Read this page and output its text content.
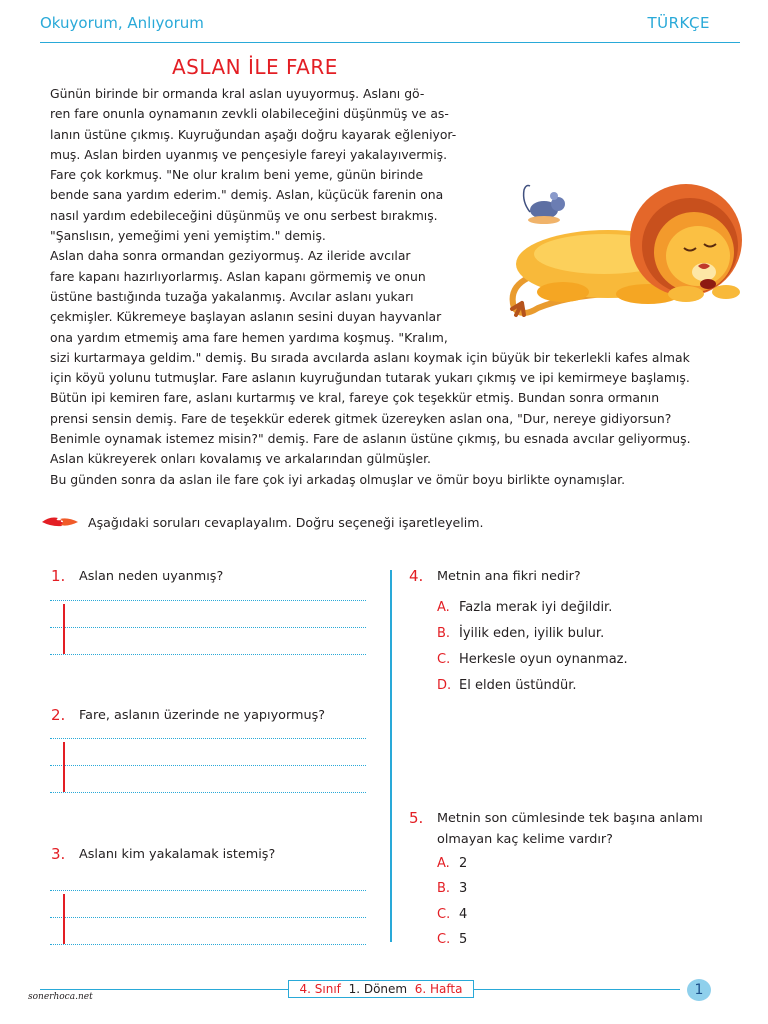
Okuyorum, Anlıyorum	TÜRKÇE
ASLAN İLE FARE
Günün birinde bir ormanda kral aslan uyuyormuş. Aslanı gö-
ren fare onunla oynamanın zevkli olabileceğini düşünmüş ve as-
lanın üstüne çıkmış. Kuyruğundan aşağı doğru kayarak eğleniyor-
muş. Aslan birden uyanmış ve pençesiyle fareyi yakalayıvermiş.
Fare çok korkmuş. "Ne olur kralım beni yeme, günün birinde
bende sana yardım ederim." demiş. Aslan, küçücük farenin ona
nasıl yardım edebileceğini düşünmüş ve onu serbest bırakmış.
"Şanslısın, yemeğimi yeni yemiştim." demiş.
Aslan daha sonra ormandan geziyormuş. Az ileride avcılar
fare kapanı hazırlıyorlarmış. Aslan kapanı görmemiş ve onun
üstüne bastığında tuzağa yakalanmış. Avcılar aslanı yukarı
çekmişler. Kükremeye başlayan aslanın sesini duyan hayvanlar
ona yardım etmemiş ama fare hemen yardıma koşmuş. "Kralım,
sizi kurtarmaya geldim." demiş. Bu sırada avcılarda aslanı koymak için büyük bir tekerlekli kafes almak
için köyü yolunu tutmuşlar. Fare aslanın kuyruğundan tutarak yukarı çıkmış ve ipi kemirmeye başlamış.
Bütün ipi kemiren fare, aslanı kurtarmış ve kral, fareye çok teşekkür etmiş. Bundan sonra ormanın
prensi sensin demiş. Fare de teşekkür ederek gitmek üzereyken aslan ona, "Dur, nereye gidiyorsun?
Benimle oynamak istemez misin?" demiş. Fare de aslanın üstüne çıkmış, bu esnada avcılar geliyormuş.
Aslan kükreyerek onları kovalamış ve arkalarından gülmüşler.
Bu günden sonra da aslan ile fare çok iyi arkadaş olmuşlar ve ömür boyu birlikte oynamışlar.
Aşağıdaki soruları cevaplayalım. Doğru seçeneği işaretleyelim.
1. Aslan neden uyanmış?
2. Fare, aslanın üzerinde ne yapıyormuş?
3. Aslanı kim yakalamak istemiş?
4. Metnin ana fikri nedir?
A. Fazla merak iyi değildir.
B. İyilik eden, iyilik bulur.
C. Herkesle oyun oynanmaz.
D. El elden üstündür.
5. Metnin son cümlesinde tek başına anlamı
olmayan kaç kelime vardır?
A. 2
B. 3
C. 4
C. 5
4. Sınıf 1. Dönem 6. Hafta
sonerhoca.net	1
